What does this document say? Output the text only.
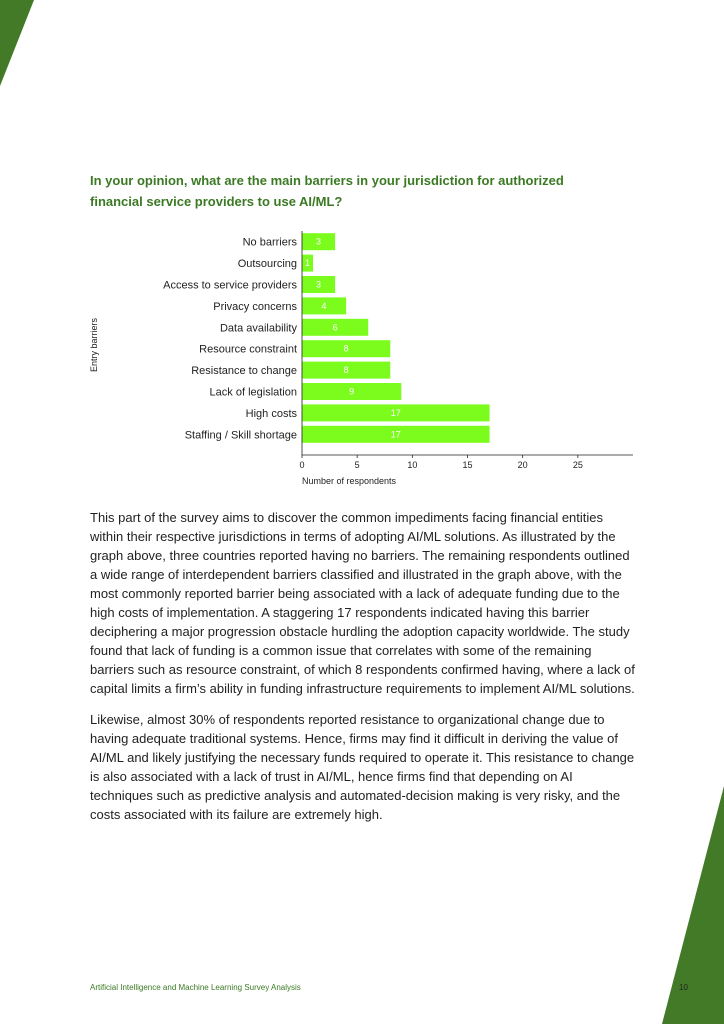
In your opinion, what are the main barriers in your jurisdiction for authorized financial service providers to use AI/ML?
Entry barriers
No barriers 3
Outsourcing 1
Access to service providers 3
Privacy concerns	4
Data availability	6
Resource constraint	8
Resistance to change	8
Lack of legislation	9
High costs	17
Staffing / Skill shortage	17
0	5	10	15	20	25
Number of respondents

This part of the survey aims to discover the common impediments facing financial entities within their respective jurisdictions in terms of adopting AI/ML solutions. As illustrated by the graph above, three countries reported having no barriers. The remaining respondents outlined a wide range of interdependent barriers classified and illustrated in the graph above, with the most commonly reported barrier being associated with a lack of adequate funding due to the high costs of implementation. A staggering 17 respondents indicated having this barrier deciphering a major progression obstacle hurdling the adoption capacity worldwide. The study found that lack of funding is a common issue that correlates with some of the remaining barriers such as resource constraint, of which 8 respondents confirmed having, where a lack of capital limits a firm’s ability in funding infrastructure requirements to implement AI/ML solutions.

Likewise, almost 30% of respondents reported resistance to organizational change due to having adequate traditional systems. Hence, firms may find it difficult in deriving the value of AI/ML and likely justifying the necessary funds required to operate it. This resistance to change is also associated with a lack of trust in AI/ML, hence firms find that depending on AI techniques such as predictive analysis and automated-decision making is very risky, and the costs associated with its failure are extremely high.

Artificial Intelligence and Machine Learning Survey Analysis	10
